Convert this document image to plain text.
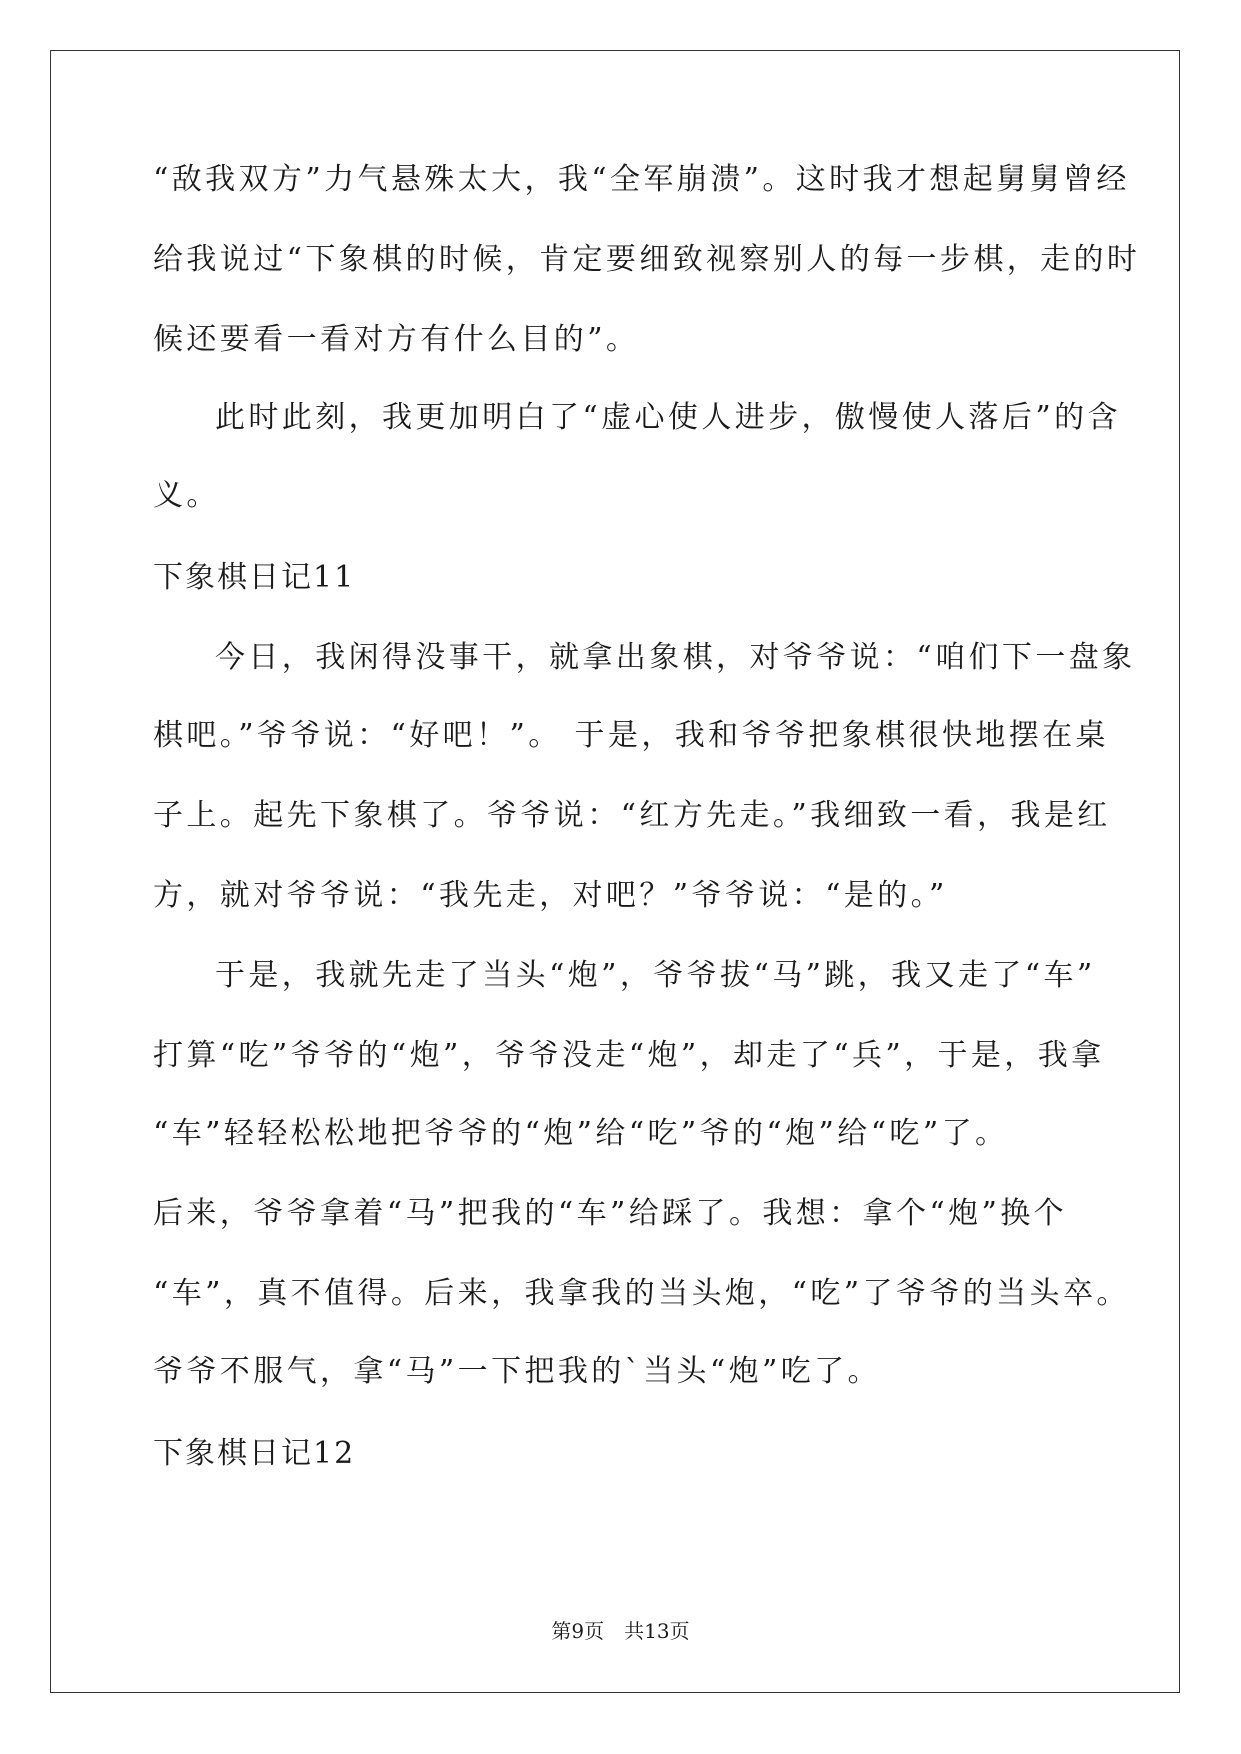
“敌我双方”力气悬殊太大，我“全军崩溃”。这时我才想起舅舅曾经
给我说过“下象棋的时候，肯定要细致视察别人的每一步棋，走的时
候还要看一看对方有什么目的”。
此时此刻，我更加明白了“虚心使人进步，傲慢使人落后”的含
义。
下象棋日记11
今日，我闲得没事干，就拿出象棋，对爷爷说：“咱们下一盘象
棋吧。”爷爷说：“好吧！”。 于是，我和爷爷把象棋很快地摆在桌
子上。起先下象棋了。爷爷说：“红方先走。”我细致一看，我是红
方，就对爷爷说：“我先走，对吧？”爷爷说：“是的。”
于是，我就先走了当头“炮”，爷爷拔“马”跳，我又走了“车”
打算“吃”爷爷的“炮”，爷爷没走“炮”，却走了“兵”，于是，我拿
“车”轻轻松松地把爷爷的“炮”给“吃”爷的“炮”给“吃”了。
后来，爷爷拿着“马”把我的“车”给踩了。我想：拿个“炮”换个
“车”，真不值得。后来，我拿我的当头炮，“吃”了爷爷的当头卒。
爷爷不服气，拿“马”一下把我的`当头“炮”吃了。
下象棋日记12
第9页　共13页
